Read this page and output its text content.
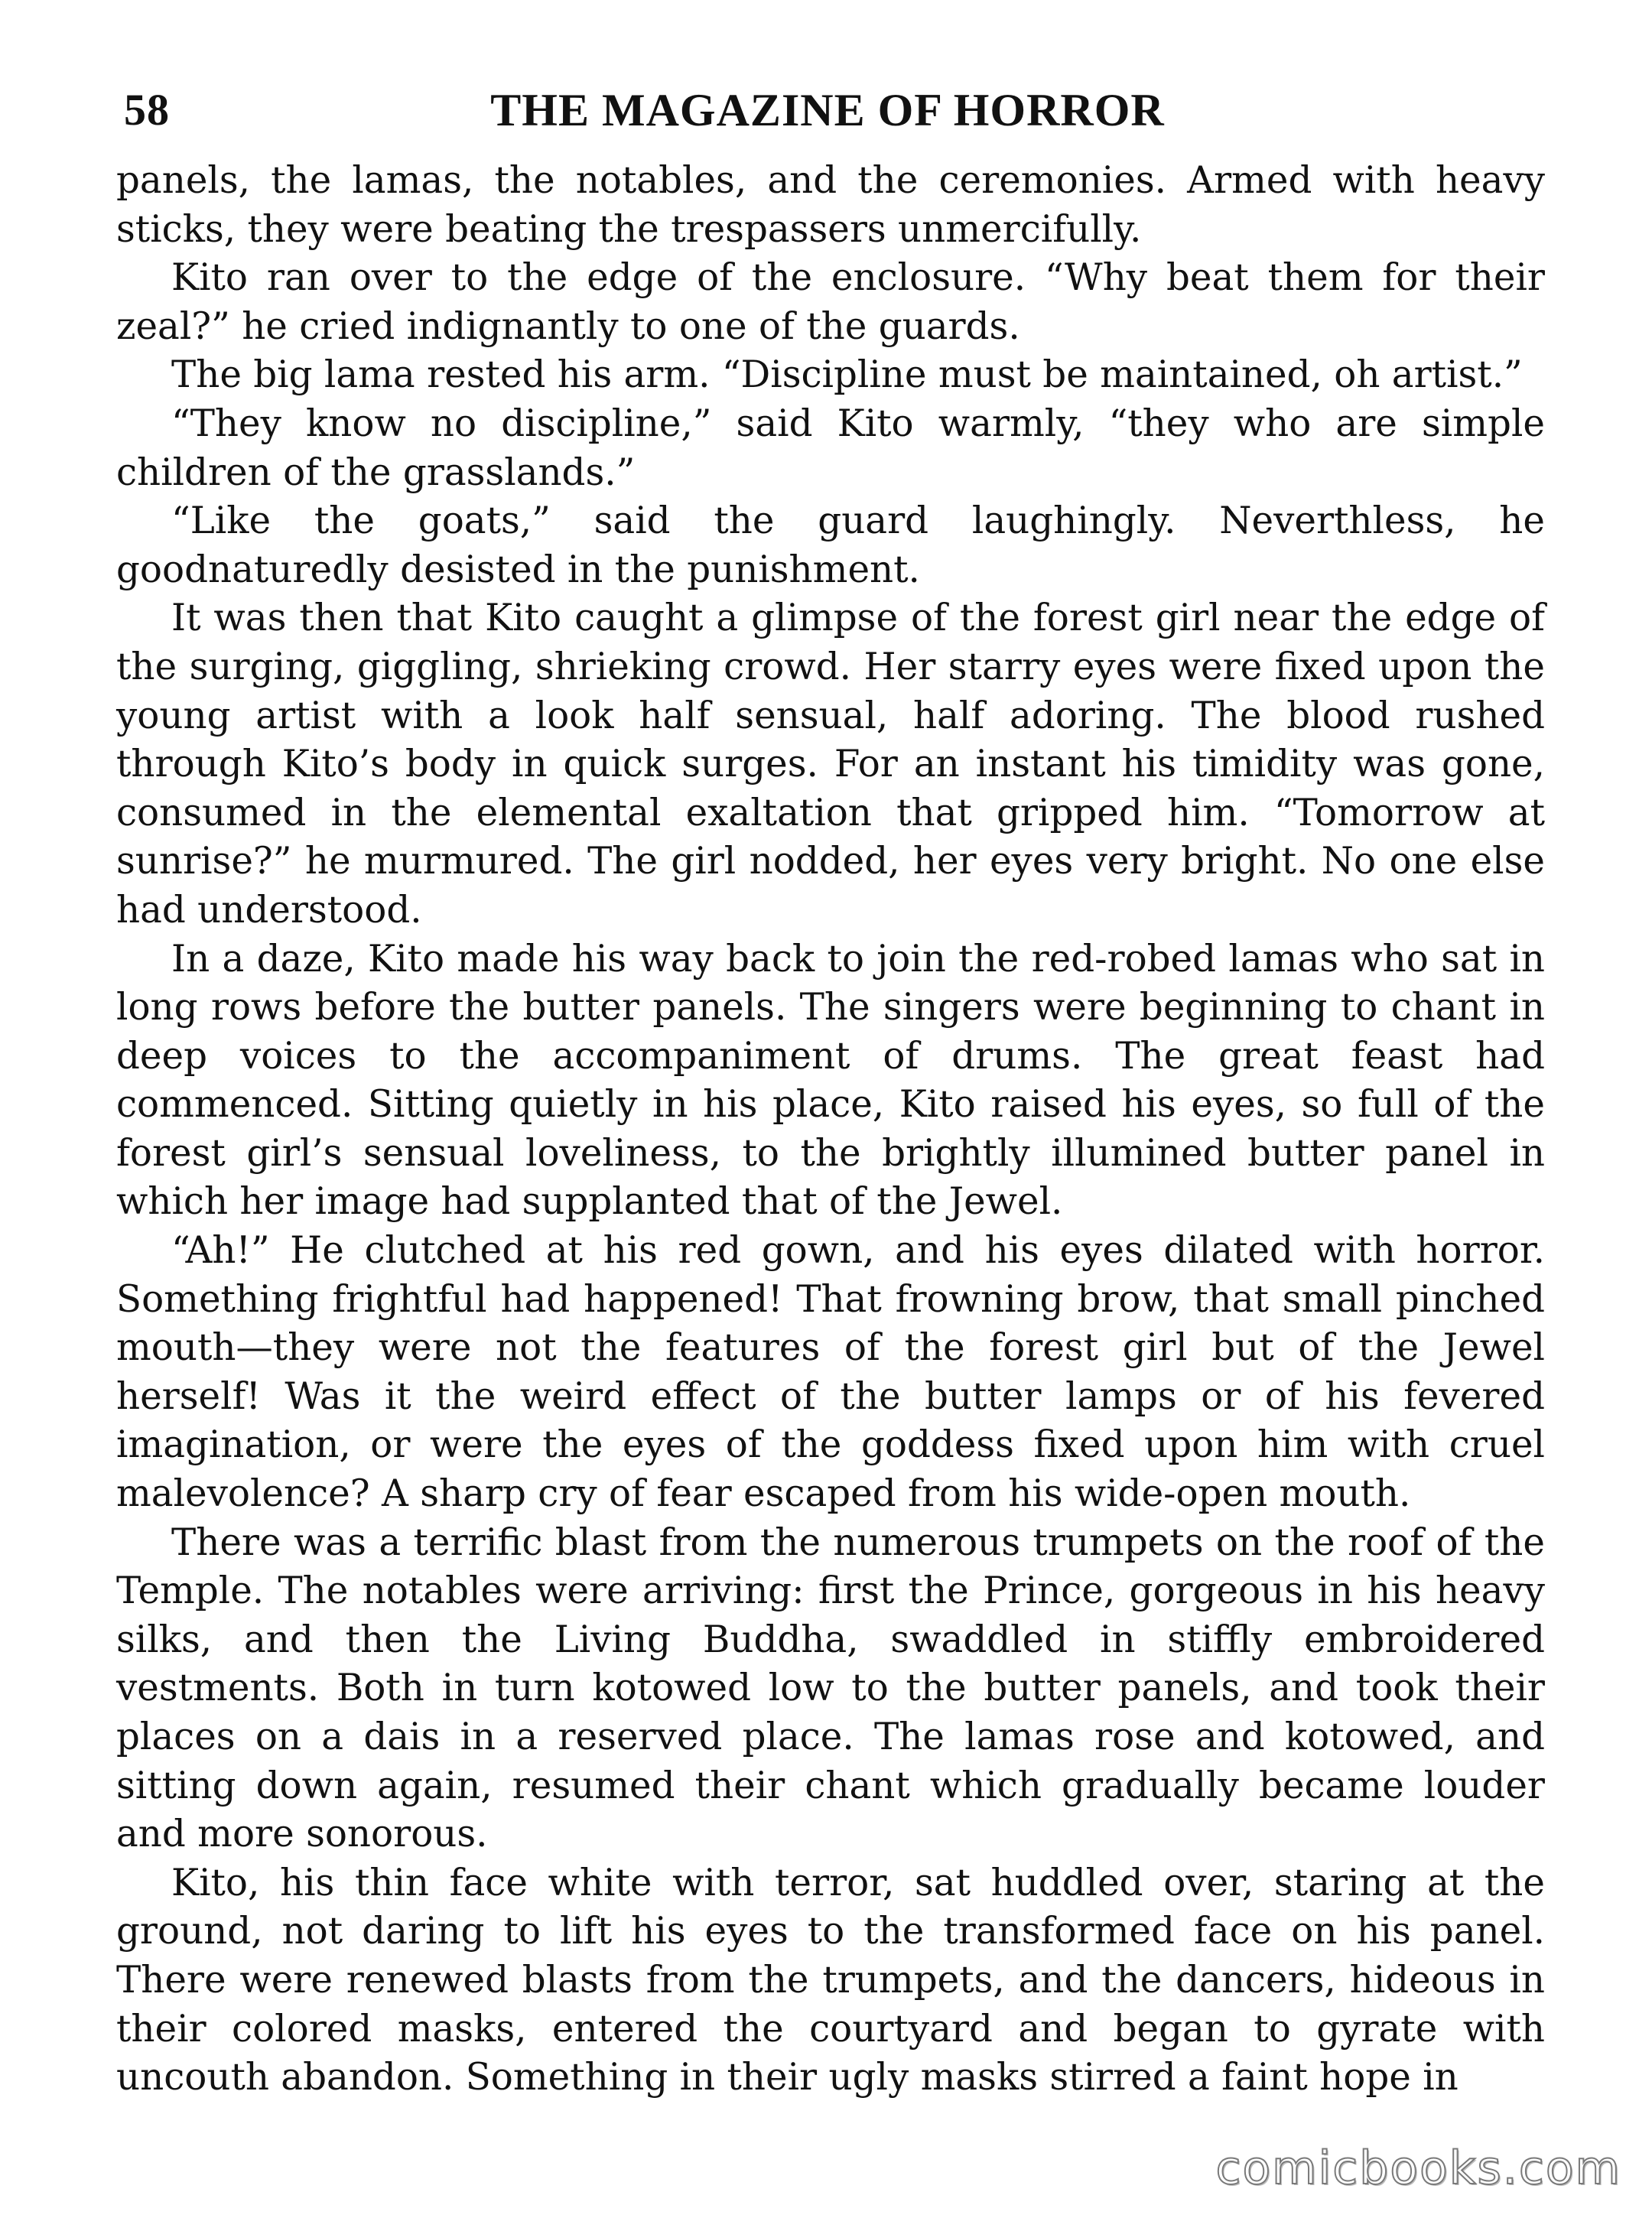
58	THE MAGAZINE OF HORROR

panels, the lamas, the notables, and the ceremonies. Armed with heavy sticks, they were beating the trespassers unmercifully.

Kito ran over to the edge of the enclosure. “Why beat them for their zeal?” he cried indignantly to one of the guards.

The big lama rested his arm. “Discipline must be maintained, oh artist.”

“They know no discipline,” said Kito warmly, “they who are simple children of the grasslands.”

“Like the goats,” said the guard laughingly. Neverthless, he goodnaturedly desisted in the punishment.

It was then that Kito caught a glimpse of the forest girl near the edge of the surging, giggling, shrieking crowd. Her starry eyes were fixed upon the young artist with a look half sensual, half adoring. The blood rushed through Kito’s body in quick surges. For an instant his timidity was gone, consumed in the elemental exaltation that gripped him. “Tomorrow at sunrise?” he murmured. The girl nodded, her eyes very bright. No one else had understood.

In a daze, Kito made his way back to join the red-robed lamas who sat in long rows before the butter panels. The singers were beginning to chant in deep voices to the accompaniment of drums. The great feast had commenced. Sitting quietly in his place, Kito raised his eyes, so full of the forest girl’s sensual loveliness, to the brightly illumined butter panel in which her image had supplanted that of the Jewel.

“Ah!” He clutched at his red gown, and his eyes dilated with horror. Something frightful had happened! That frowning brow, that small pinched mouth—they were not the features of the forest girl but of the Jewel herself! Was it the weird effect of the butter lamps or of his fevered imagination, or were the eyes of the goddess fixed upon him with cruel malevolence? A sharp cry of fear escaped from his wide-open mouth.

There was a terrific blast from the numerous trumpets on the roof of the Temple. The notables were arriving: first the Prince, gorgeous in his heavy silks, and then the Living Buddha, swaddled in stiffly embroidered vestments. Both in turn kotowed low to the butter panels, and took their places on a dais in a reserved place. The lamas rose and kotowed, and sitting down again, resumed their chant which gradually became louder and more sonorous.

Kito, his thin face white with terror, sat huddled over, staring at the ground, not daring to lift his eyes to the transformed face on his panel. There were renewed blasts from the trumpets, and the dancers, hideous in their colored masks, entered the courtyard and began to gyrate with uncouth abandon. Something in their ugly masks stirred a faint hope in

comicbooks.com
